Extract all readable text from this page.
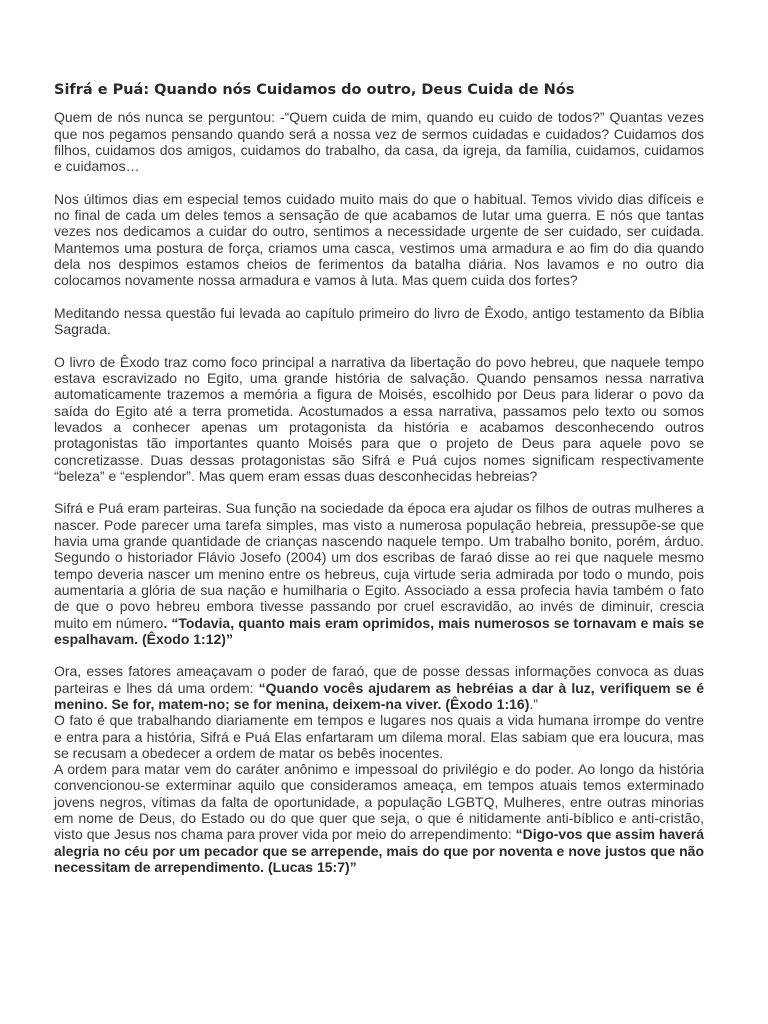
Sifrá e Puá: Quando nós Cuidamos do outro, Deus Cuida de Nós

Quem de nós nunca se perguntou: -“Quem cuida de mim, quando eu cuido de todos?” Quantas vezes que nos pegamos pensando quando será a nossa vez de sermos cuidadas e cuidados? Cuidamos dos filhos, cuidamos dos amigos, cuidamos do trabalho, da casa, da igreja, da família, cuidamos, cuidamos e cuidamos…

Nos últimos dias em especial temos cuidado muito mais do que o habitual. Temos vivido dias difíceis e no final de cada um deles temos a sensação de que acabamos de lutar uma guerra. E nós que tantas vezes nos dedicamos a cuidar do outro, sentimos a necessidade urgente de ser cuidado, ser cuidada. Mantemos uma postura de força, criamos uma casca, vestimos uma armadura e ao fim do dia quando dela nos despimos estamos cheios de ferimentos da batalha diária. Nos lavamos e no outro dia colocamos novamente nossa armadura e vamos à luta. Mas quem cuida dos fortes?

Meditando nessa questão fui levada ao capítulo primeiro do livro de Êxodo, antigo testamento da Bíblia Sagrada.

O livro de Êxodo traz como foco principal a narrativa da libertação do povo hebreu, que naquele tempo estava escravizado no Egito, uma grande história de salvação. Quando pensamos nessa narrativa automaticamente trazemos a memória a figura de Moisés, escolhido por Deus para liderar o povo da saída do Egito até a terra prometida. Acostumados a essa narrativa, passamos pelo texto ou somos levados a conhecer apenas um protagonista da história e acabamos desconhecendo outros protagonistas tão importantes quanto Moisés para que o projeto de Deus para aquele povo se concretizasse. Duas dessas protagonistas são Sifrá e Puá cujos nomes significam respectivamente “beleza” e “esplendor”. Mas quem eram essas duas desconhecidas hebreias?

Sifrá e Puá eram parteiras. Sua função na sociedade da época era ajudar os filhos de outras mulheres a nascer. Pode parecer uma tarefa simples, mas visto a numerosa população hebreia, pressupõe-se que havia uma grande quantidade de crianças nascendo naquele tempo. Um trabalho bonito, porém, árduo. Segundo o historiador Flávio Josefo (2004) um dos escribas de faraó disse ao rei que naquele mesmo tempo deveria nascer um menino entre os hebreus, cuja virtude seria admirada por todo o mundo, pois aumentaria a glória de sua nação e humilharia o Egito. Associado a essa profecia havia também o fato de que o povo hebreu embora tivesse passando por cruel escravidão, ao invés de diminuir, crescia muito em número. “Todavia, quanto mais eram oprimidos, mais numerosos se tornavam e mais se espalhavam. (Êxodo 1:12)”

Ora, esses fatores ameaçavam o poder de faraó, que de posse dessas informações convoca as duas parteiras e lhes dá uma ordem: “Quando vocês ajudarem as hebréias a dar à luz, verifiquem se é menino. Se for, matem-no; se for menina, deixem-na viver. (Êxodo 1:16).”

O fato é que trabalhando diariamente em tempos e lugares nos quais a vida humana irrompe do ventre e entra para a história, Sifrá e Puá Elas enfartaram um dilema moral. Elas sabiam que era loucura, mas se recusam a obedecer a ordem de matar os bebês inocentes.

A ordem para matar vem do caráter anônimo e impessoal do privilégio e do poder. Ao longo da história convencionou-se exterminar aquilo que consideramos ameaça, em tempos atuais temos exterminado jovens negros, vítimas da falta de oportunidade, a população LGBTQ, Mulheres, entre outras minorias em nome de Deus, do Estado ou do que quer que seja, o que é nitidamente anti-bíblico e anti-cristão, visto que Jesus nos chama para prover vida por meio do arrependimento: “Digo-vos que assim haverá alegria no céu por um pecador que se arrepende, mais do que por noventa e nove justos que não necessitam de arrependimento. (Lucas 15:7)”
